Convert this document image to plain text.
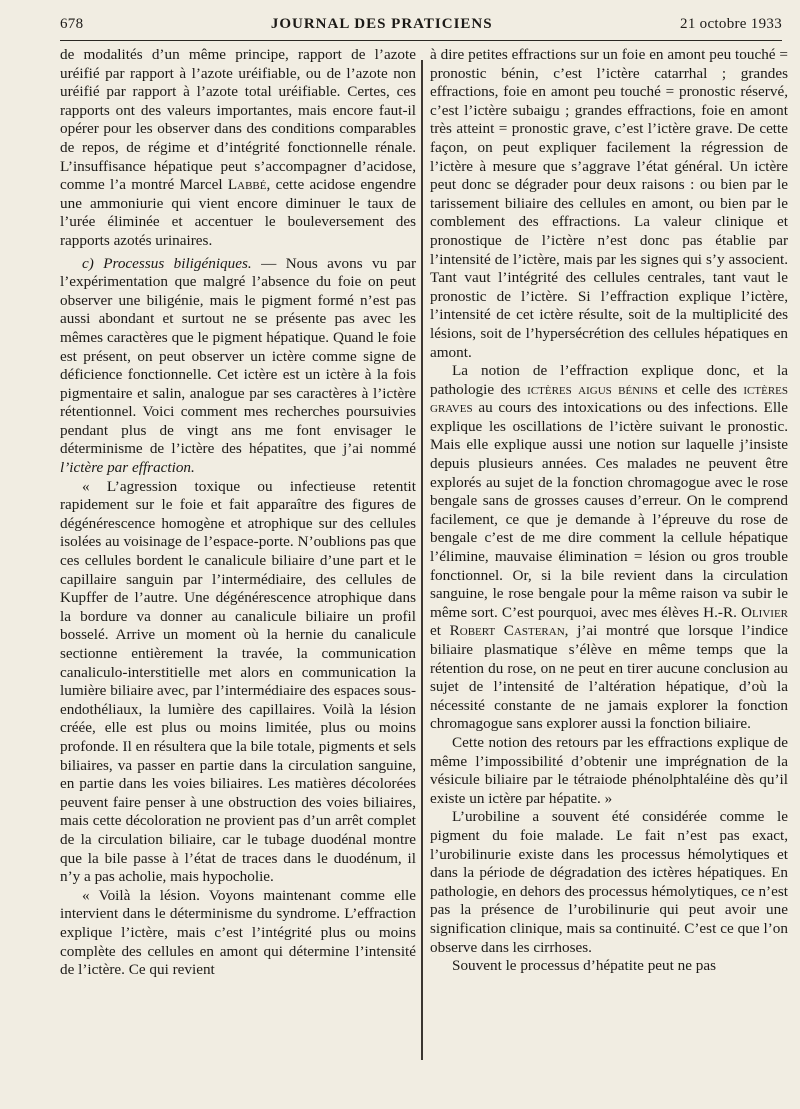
678	JOURNAL DES PRATICIENS	21 octobre 1933

de modalités d’un même principe, rapport de l’azote uréifié par rapport à l’azote uréifiable, ou de l’azote non uréifié par rapport à l’azote total uréifiable. Certes, ces rapports ont des valeurs importantes, mais encore faut-il opérer pour les observer dans des conditions comparables de repos, de régime et d’intégrité fonctionnelle rénale. L’insuffisance hépatique peut s’accompagner d’acidose, comme l’a montré Marcel Labbé, cette acidose engendre une ammoniurie qui vient encore diminuer le taux de l’urée éliminée et accentuer le bouleversement des rapports azotés urinaires.

c) Processus biligéniques. — Nous avons vu par l’expérimentation que malgré l’absence du foie on peut observer une biligénie, mais le pigment formé n’est pas aussi abondant et surtout ne se présente pas avec les mêmes caractères que le pigment hépatique. Quand le foie est présent, on peut observer un ictère comme signe de déficience fonctionnelle. Cet ictère est un ictère à la fois pigmentaire et salin, analogue par ses caractères à l’ictère rétentionnel. Voici comment mes recherches poursuivies pendant plus de vingt ans me font envisager le déterminisme de l’ictère des hépatites, que j’ai nommé l’ictère par effraction.

« L’agression toxique ou infectieuse retentit rapidement sur le foie et fait apparaître des figures de dégénérescence homogène et atrophique sur des cellules isolées au voisinage de l’espace-porte. N’oublions pas que ces cellules bordent le canalicule biliaire d’une part et le capillaire sanguin par l’intermédiaire, des cellules de Kupffer de l’autre. Une dégénérescence atrophique dans la bordure va donner au canalicule biliaire un profil bosselé. Arrive un moment où la hernie du canalicule sectionne entièrement la travée, la communication canaliculo-interstitielle met alors en communication la lumière biliaire avec, par l’intermédiaire des espaces sous-endothéliaux, la lumière des capillaires. Voilà la lésion créée, elle est plus ou moins limitée, plus ou moins profonde. Il en résultera que la bile totale, pigments et sels biliaires, va passer en partie dans la circulation sanguine, en partie dans les voies biliaires. Les matières décolorées peuvent faire penser à une obstruction des voies biliaires, mais cette décoloration ne provient pas d’un arrêt complet de la circulation biliaire, car le tubage duodénal montre que la bile passe à l’état de traces dans le duodénum, il n’y a pas acholie, mais hypocholie.

« Voilà la lésion. Voyons maintenant comme elle intervient dans le déterminisme du syndrome. L’effraction explique l’ictère, mais c’est l’intégrité plus ou moins complète des cellules en amont qui détermine l’intensité de l’ictère. Ce qui revient

à dire petites effractions sur un foie en amont peu touché = pronostic bénin, c’est l’ictère catarrhal ; grandes effractions, foie en amont peu touché = pronostic réservé, c’est l’ictère subaigu ; grandes effractions, foie en amont très atteint = pronostic grave, c’est l’ictère grave. De cette façon, on peut expliquer facilement la régression de l’ictère à mesure que s’aggrave l’état général. Un ictère peut donc se dégrader pour deux raisons : ou bien par le tarissement biliaire des cellules en amont, ou bien par le comblement des effractions. La valeur clinique et pronostique de l’ictère n’est donc pas établie par l’intensité de l’ictère, mais par les signes qui s’y associent. Tant vaut l’intégrité des cellules centrales, tant vaut le pronostic de l’ictère. Si l’effraction explique l’ictère, l’intensité de cet ictère résulte, soit de la multiplicité des lésions, soit de l’hypersécrétion des cellules hépatiques en amont.

La notion de l’effraction explique donc, et la pathologie des ictères aigus bénins et celle des ictères graves au cours des intoxications ou des infections. Elle explique les oscillations de l’ictère suivant le pronostic. Mais elle explique aussi une notion sur laquelle j’insiste depuis plusieurs années. Ces malades ne peuvent être explorés au sujet de la fonction chromagogue avec le rose bengale sans de grosses causes d’erreur. On le comprend facilement, ce que je demande à l’épreuve du rose de bengale c’est de me dire comment la cellule hépatique l’élimine, mauvaise élimination = lésion ou gros trouble fonctionnel. Or, si la bile revient dans la circulation sanguine, le rose bengale pour la même raison va subir le même sort. C’est pourquoi, avec mes élèves H.-R. Olivier et Robert Casteran, j’ai montré que lorsque l’indice biliaire plasmatique s’élève en même temps que la rétention du rose, on ne peut en tirer aucune conclusion au sujet de l’intensité de l’altération hépatique, d’où la nécessité constante de ne jamais explorer la fonction chromagogue sans explorer aussi la fonction biliaire.

Cette notion des retours par les effractions explique de même l’impossibilité d’obtenir une imprégnation de la vésicule biliaire par le tétraiode phénolphtaléine dès qu’il existe un ictère par hépatite. »

L’urobiline a souvent été considérée comme le pigment du foie malade. Le fait n’est pas exact, l’urobilinurie existe dans les processus hémolytiques et dans la période de dégradation des ictères hépatiques. En pathologie, en dehors des processus hémolytiques, ce n’est pas la présence de l’urobilinurie qui peut avoir une signification clinique, mais sa continuité. C’est ce que l’on observe dans les cirrhoses.

Souvent le processus d’hépatite peut ne pas
